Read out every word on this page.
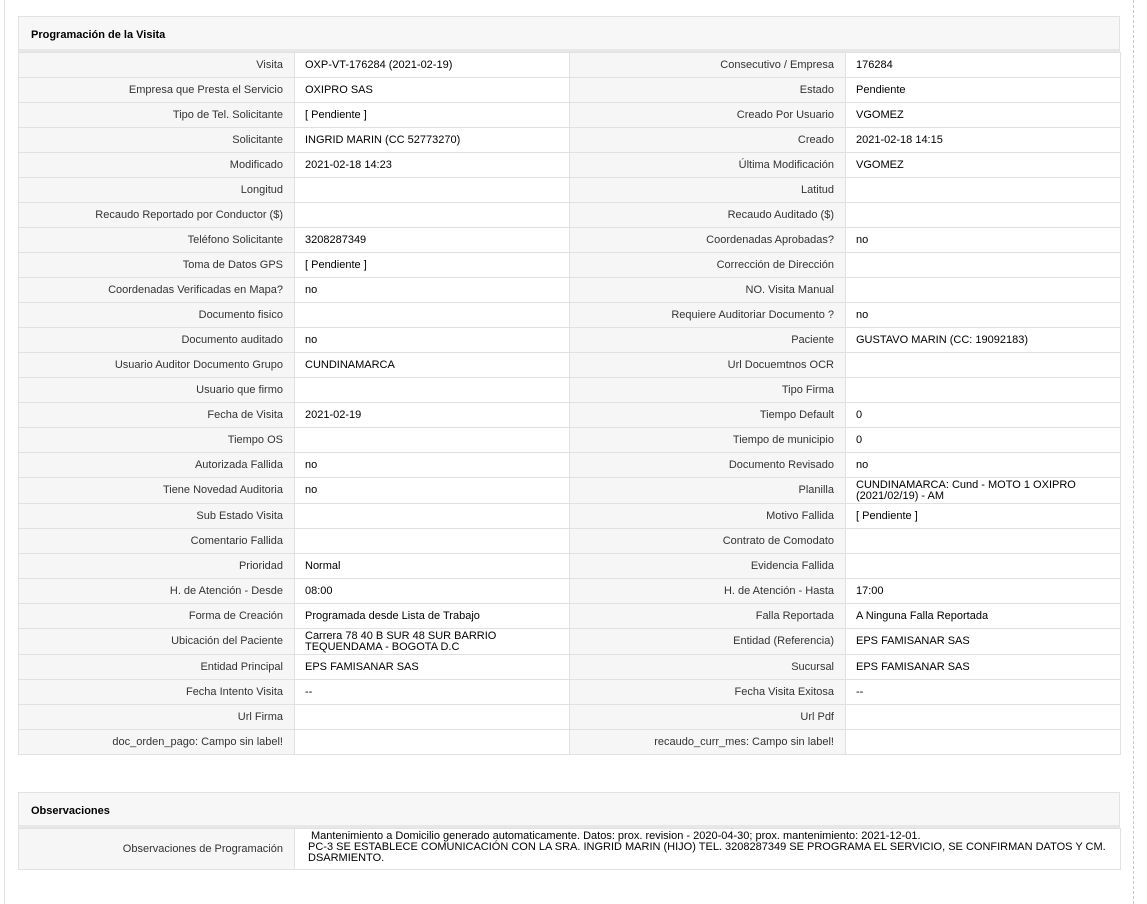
Programación de la Visita
Visita	OXP-VT-176284 (2021-02-19)	Consecutivo / Empresa	176284
Empresa que Presta el Servicio	OXIPRO SAS	Estado	Pendiente
Tipo de Tel. Solicitante	[ Pendiente ]	Creado Por Usuario	VGOMEZ
Solicitante	INGRID MARIN (CC 52773270)	Creado	2021-02-18 14:15
Modificado	2021-02-18 14:23	Última Modificación	VGOMEZ
Longitud		Latitud	
Recaudo Reportado por Conductor ($)		Recaudo Auditado ($)	
Teléfono Solicitante	3208287349	Coordenadas Aprobadas?	no
Toma de Datos GPS	[ Pendiente ]	Corrección de Dirección	
Coordenadas Verificadas en Mapa?	no	NO. Visita Manual	
Documento fisico		Requiere Auditoriar Documento ?	no
Documento auditado	no	Paciente	GUSTAVO MARIN (CC: 19092183)
Usuario Auditor Documento Grupo	CUNDINAMARCA	Url Docuemtnos OCR	
Usuario que firmo		Tipo Firma	
Fecha de Visita	2021-02-19	Tiempo Default	0
Tiempo OS		Tiempo de municipio	0
Autorizada Fallida	no	Documento Revisado	no
Tiene Novedad Auditoria	no	Planilla	CUNDINAMARCA: Cund - MOTO 1 OXIPRO (2021/02/19) - AM
Sub Estado Visita		Motivo Fallida	[ Pendiente ]
Comentario Fallida		Contrato de Comodato	
Prioridad	Normal	Evidencia Fallida	
H. de Atención - Desde	08:00	H. de Atención - Hasta	17:00
Forma de Creación	Programada desde Lista de Trabajo	Falla Reportada	A Ninguna Falla Reportada
Ubicación del Paciente	Carrera 78 40 B SUR 48 SUR BARRIO TEQUENDAMA - BOGOTA D.C	Entidad (Referencia)	EPS FAMISANAR SAS
Entidad Principal	EPS FAMISANAR SAS	Sucursal	EPS FAMISANAR SAS
Fecha Intento Visita	--	Fecha Visita Exitosa	--
Url Firma		Url Pdf	
doc_orden_pago: Campo sin label!		recaudo_curr_mes: Campo sin label!	
Observaciones
Observaciones de Programación	
Mantenimiento a Domicilio generado automaticamente. Datos: prox. revision - 2020-04-30; prox. mantenimiento: 2021-12-01.
PC-3 SE ESTABLECE COMUNICACIÓN CON LA SRA. INGRID MARIN (HIJO) TEL. 3208287349 SE PROGRAMA EL SERVICIO, SE CONFIRMAN DATOS Y CM. DSARMIENTO.
